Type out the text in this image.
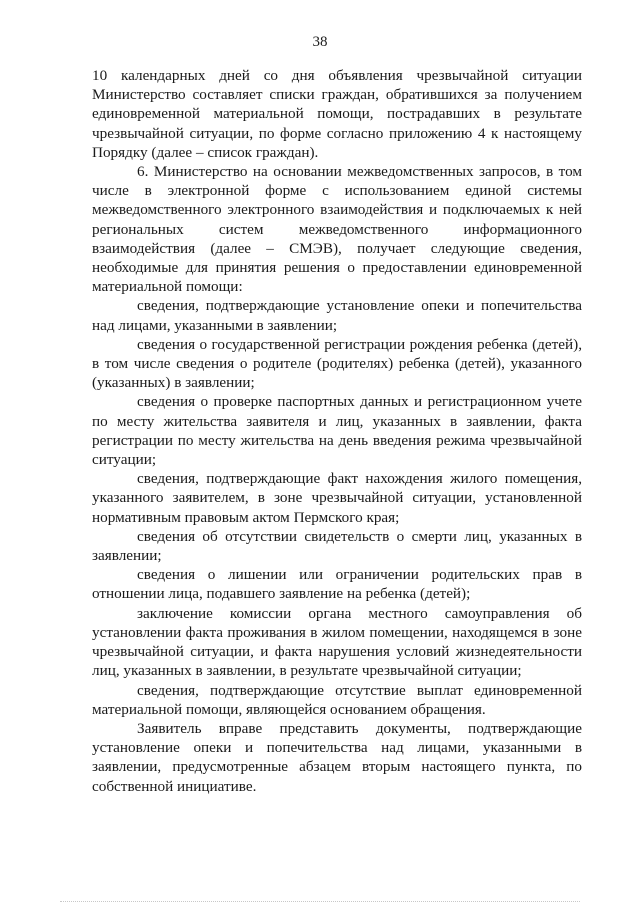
38

10 календарных дней со дня объявления чрезвычайной ситуации Министерство составляет списки граждан, обратившихся за получением единовременной материальной помощи, пострадавших в результате чрезвычайной ситуации, по форме согласно приложению 4 к настоящему Порядку (далее – список граждан).

6. Министерство на основании межведомственных запросов, в том числе в электронной форме с использованием единой системы межведомственного электронного взаимодействия и подключаемых к ней региональных систем межведомственного информационного взаимодействия (далее – СМЭВ), получает следующие сведения, необходимые для принятия решения о предоставлении единовременной материальной помощи:

сведения, подтверждающие установление опеки и попечительства над лицами, указанными в заявлении;

сведения о государственной регистрации рождения ребенка (детей), в том числе сведения о родителе (родителях) ребенка (детей), указанного (указанных) в заявлении;

сведения о проверке паспортных данных и регистрационном учете по месту жительства заявителя и лиц, указанных в заявлении, факта регистрации по месту жительства на день введения режима чрезвычайной ситуации;

сведения, подтверждающие факт нахождения жилого помещения, указанного заявителем, в зоне чрезвычайной ситуации, установленной нормативным правовым актом Пермского края;

сведения об отсутствии свидетельств о смерти лиц, указанных в заявлении;

сведения о лишении или ограничении родительских прав в отношении лица, подавшего заявление на ребенка (детей);

заключение комиссии органа местного самоуправления об установлении факта проживания в жилом помещении, находящемся в зоне чрезвычайной ситуации, и факта нарушения условий жизнедеятельности лиц, указанных в заявлении, в результате чрезвычайной ситуации;

сведения, подтверждающие отсутствие выплат единовременной материальной помощи, являющейся основанием обращения.

Заявитель вправе представить документы, подтверждающие установление опеки и попечительства над лицами, указанными в заявлении, предусмотренные абзацем вторым настоящего пункта, по собственной инициативе.
